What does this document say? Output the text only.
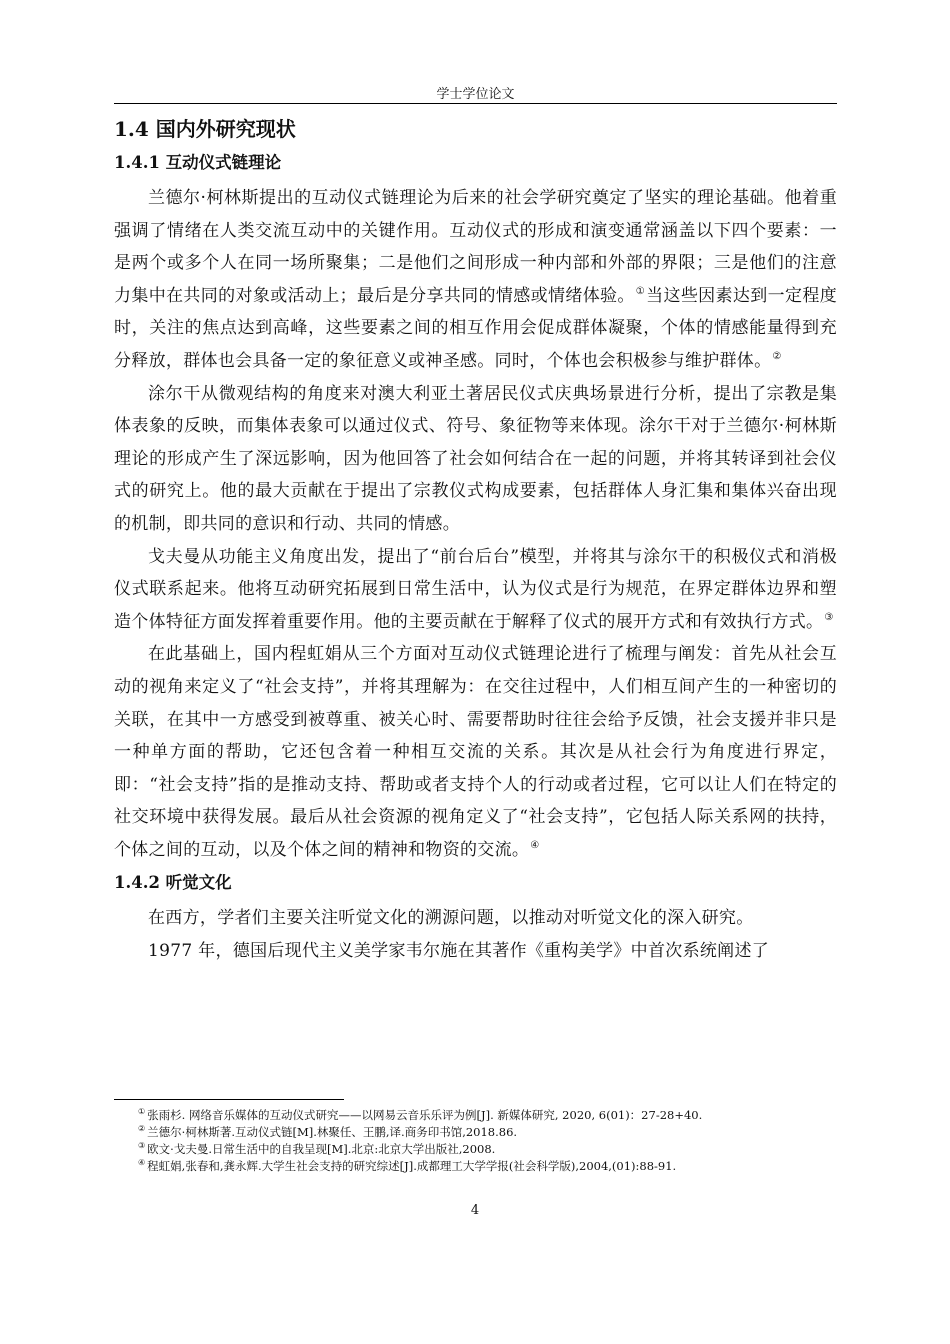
学士学位论文
1.4 国内外研究现状
1.4.1 互动仪式链理论

兰德尔·柯林斯提出的互动仪式链理论为后来的社会学研究奠定了坚实的理论基础。他着重强调了情绪在人类交流互动中的关键作用。互动仪式的形成和演变通常涵盖以下四个要素：一是两个或多个人在同一场所聚集；二是他们之间形成一种内部和外部的界限；三是他们的注意力集中在共同的对象或活动上；最后是分享共同的情感或情绪体验。①当这些因素达到一定程度时，关注的焦点达到高峰，这些要素之间的相互作用会促成群体凝聚，个体的情感能量得到充分释放，群体也会具备一定的象征意义或神圣感。同时，个体也会积极参与维护群体。②

涂尔干从微观结构的角度来对澳大利亚土著居民仪式庆典场景进行分析，提出了宗教是集体表象的反映，而集体表象可以通过仪式、符号、象征物等来体现。涂尔干对于兰德尔·柯林斯理论的形成产生了深远影响，因为他回答了社会如何结合在一起的问题，并将其转译到社会仪式的研究上。他的最大贡献在于提出了宗教仪式构成要素，包括群体人身汇集和集体兴奋出现的机制，即共同的意识和行动、共同的情感。

戈夫曼从功能主义角度出发，提出了“前台后台”模型，并将其与涂尔干的积极仪式和消极仪式联系起来。他将互动研究拓展到日常生活中，认为仪式是行为规范，在界定群体边界和塑造个体特征方面发挥着重要作用。他的主要贡献在于解释了仪式的展开方式和有效执行方式。③

在此基础上，国内程虹娟从三个方面对互动仪式链理论进行了梳理与阐发：首先从社会互动的视角来定义了“社会支持”，并将其理解为：在交往过程中，人们相互间产生的一种密切的关联，在其中一方感受到被尊重、被关心时、需要帮助时往往会给予反馈，社会支援并非只是一种单方面的帮助，它还包含着一种相互交流的关系。其次是从社会行为角度进行界定，即：“社会支持”指的是推动支持、帮助或者支持个人的行动或者过程，它可以让人们在特定的社交环境中获得发展。最后从社会资源的视角定义了“社会支持”，它包括人际关系网的扶持，个体之间的互动，以及个体之间的精神和物资的交流。④

1.4.2 听觉文化

在西方，学者们主要关注听觉文化的溯源问题，以推动对听觉文化的深入研究。

1977 年，德国后现代主义美学家韦尔施在其著作《重构美学》中首次系统阐述了

① 张雨杉. 网络音乐媒体的互动仪式研究——以网易云音乐乐评为例[J]. 新媒体研究, 2020, 6(01)：27-28+40.
② 兰德尔·柯林斯著.互动仪式链[M].林聚任、王鹏,译.商务印书馆,2018.86.
③ 欧文·戈夫曼.日常生活中的自我呈现[M].北京:北京大学出版社,2008.
④ 程虹娟,张春和,龚永辉.大学生社会支持的研究综述[J].成都理工大学学报(社会科学版),2004,(01):88-91.
4
